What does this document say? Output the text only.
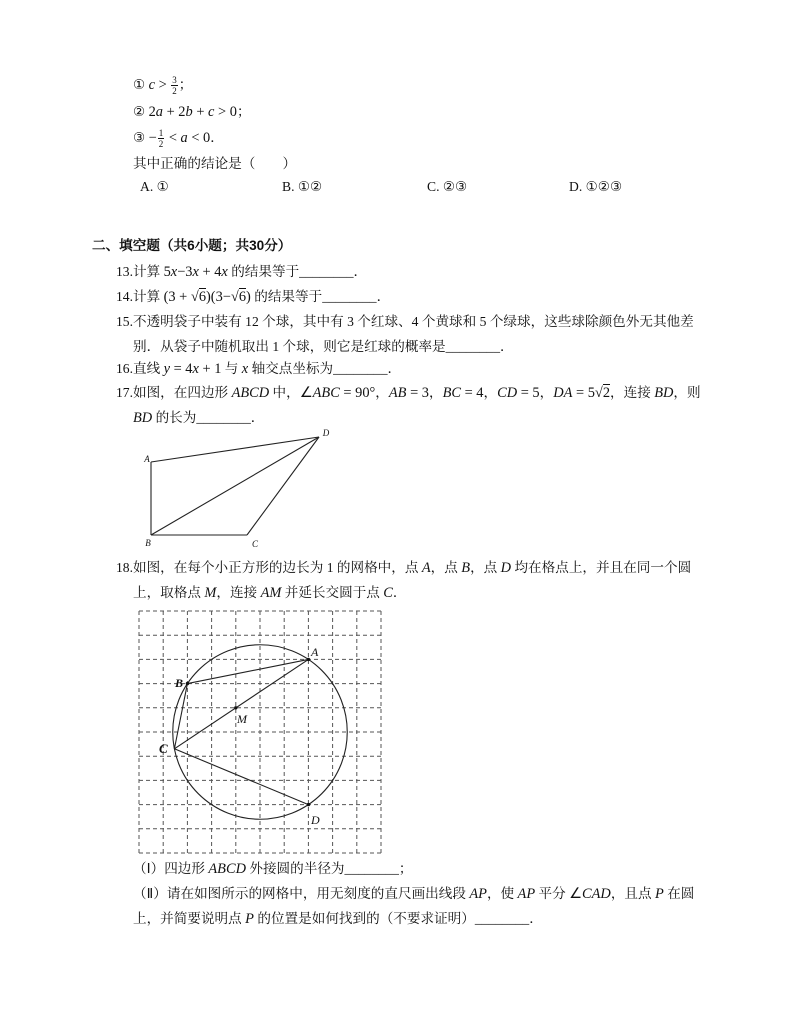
① $c > \frac{3}{2}$ ；
② 2a + 2b + c > 0；
③ − $\frac{1}{2} < a < 0$．
其中正确的结论是（　　）
A. ①	B. ①②	C. ②③	D. ①②③
二、填空题（共6小题；共30分）
13. 计算 5x−3x + 4x 的结果等于________．
14. 计算 (3 + √6)(3−√6) 的结果等于________．
15. 不透明袋子中装有 12 个球，其中有 3 个红球、4 个黄球和 5 个绿球，这些球除颜色外无其他差
别．从袋子中随机取出 1 个球，则它是红球的概率是________．
16. 直线 y = 4x + 1 与 x 轴交点坐标为________．
17. 如图，在四边形 ABCD 中，∠ABC = 90°，AB = 3，BC = 4，CD = 5，DA = 5√2，连接 BD，则
BD 的长为________．
A
B	C
D
18. 如图，在每个小正方形的边长为 1 的网格中，点 A，点 B，点 D 均在格点上，并且在同一个圆
上，取格点 M，连接 AM 并延长交圆于点 C．
A
B
C
D
M
（Ⅰ）四边形 ABCD 外接圆的半径为________；
（Ⅱ）请在如图所示的网格中，用无刻度的直尺画出线段 AP，使 AP 平分 ∠CAD，且点 P 在圆
上，并简要说明点 P 的位置是如何找到的（不要求证明）________．
